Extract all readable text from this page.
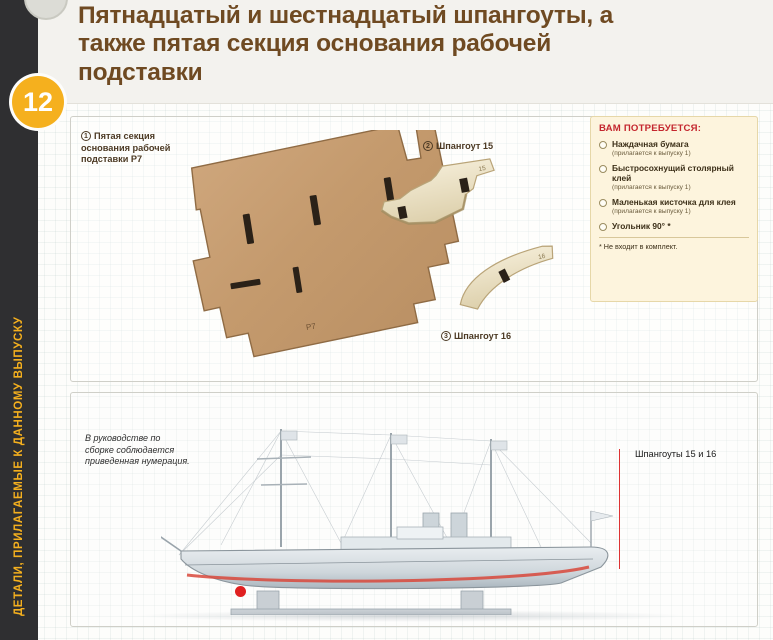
ДЕТАЛИ, ПРИЛАГАЕМЫЕ К ДАННОМУ ВЫПУСКУ
12
Пятнадцатый и шестнадцатый шпангоуты, а также пятая секция основания рабочей подставки
1 Пятая секция основания рабочей подставки Р7
Р7
2 Шпангоут 15
15
3 Шпангоут 16
16
ВАМ ПОТРЕБУЕТСЯ:
Наждачная бумага
(прилагается к выпуску 1)
Быстросохнущий столярный клей
(прилагается к выпуску 1)
Маленькая кисточка для клея
(прилагается к выпуску 1)
Угольник 90° *
* Не входит в комплект.
В руководстве по сборке соблюдается приведенная нумерация.
Шпангоуты 15 и 16
